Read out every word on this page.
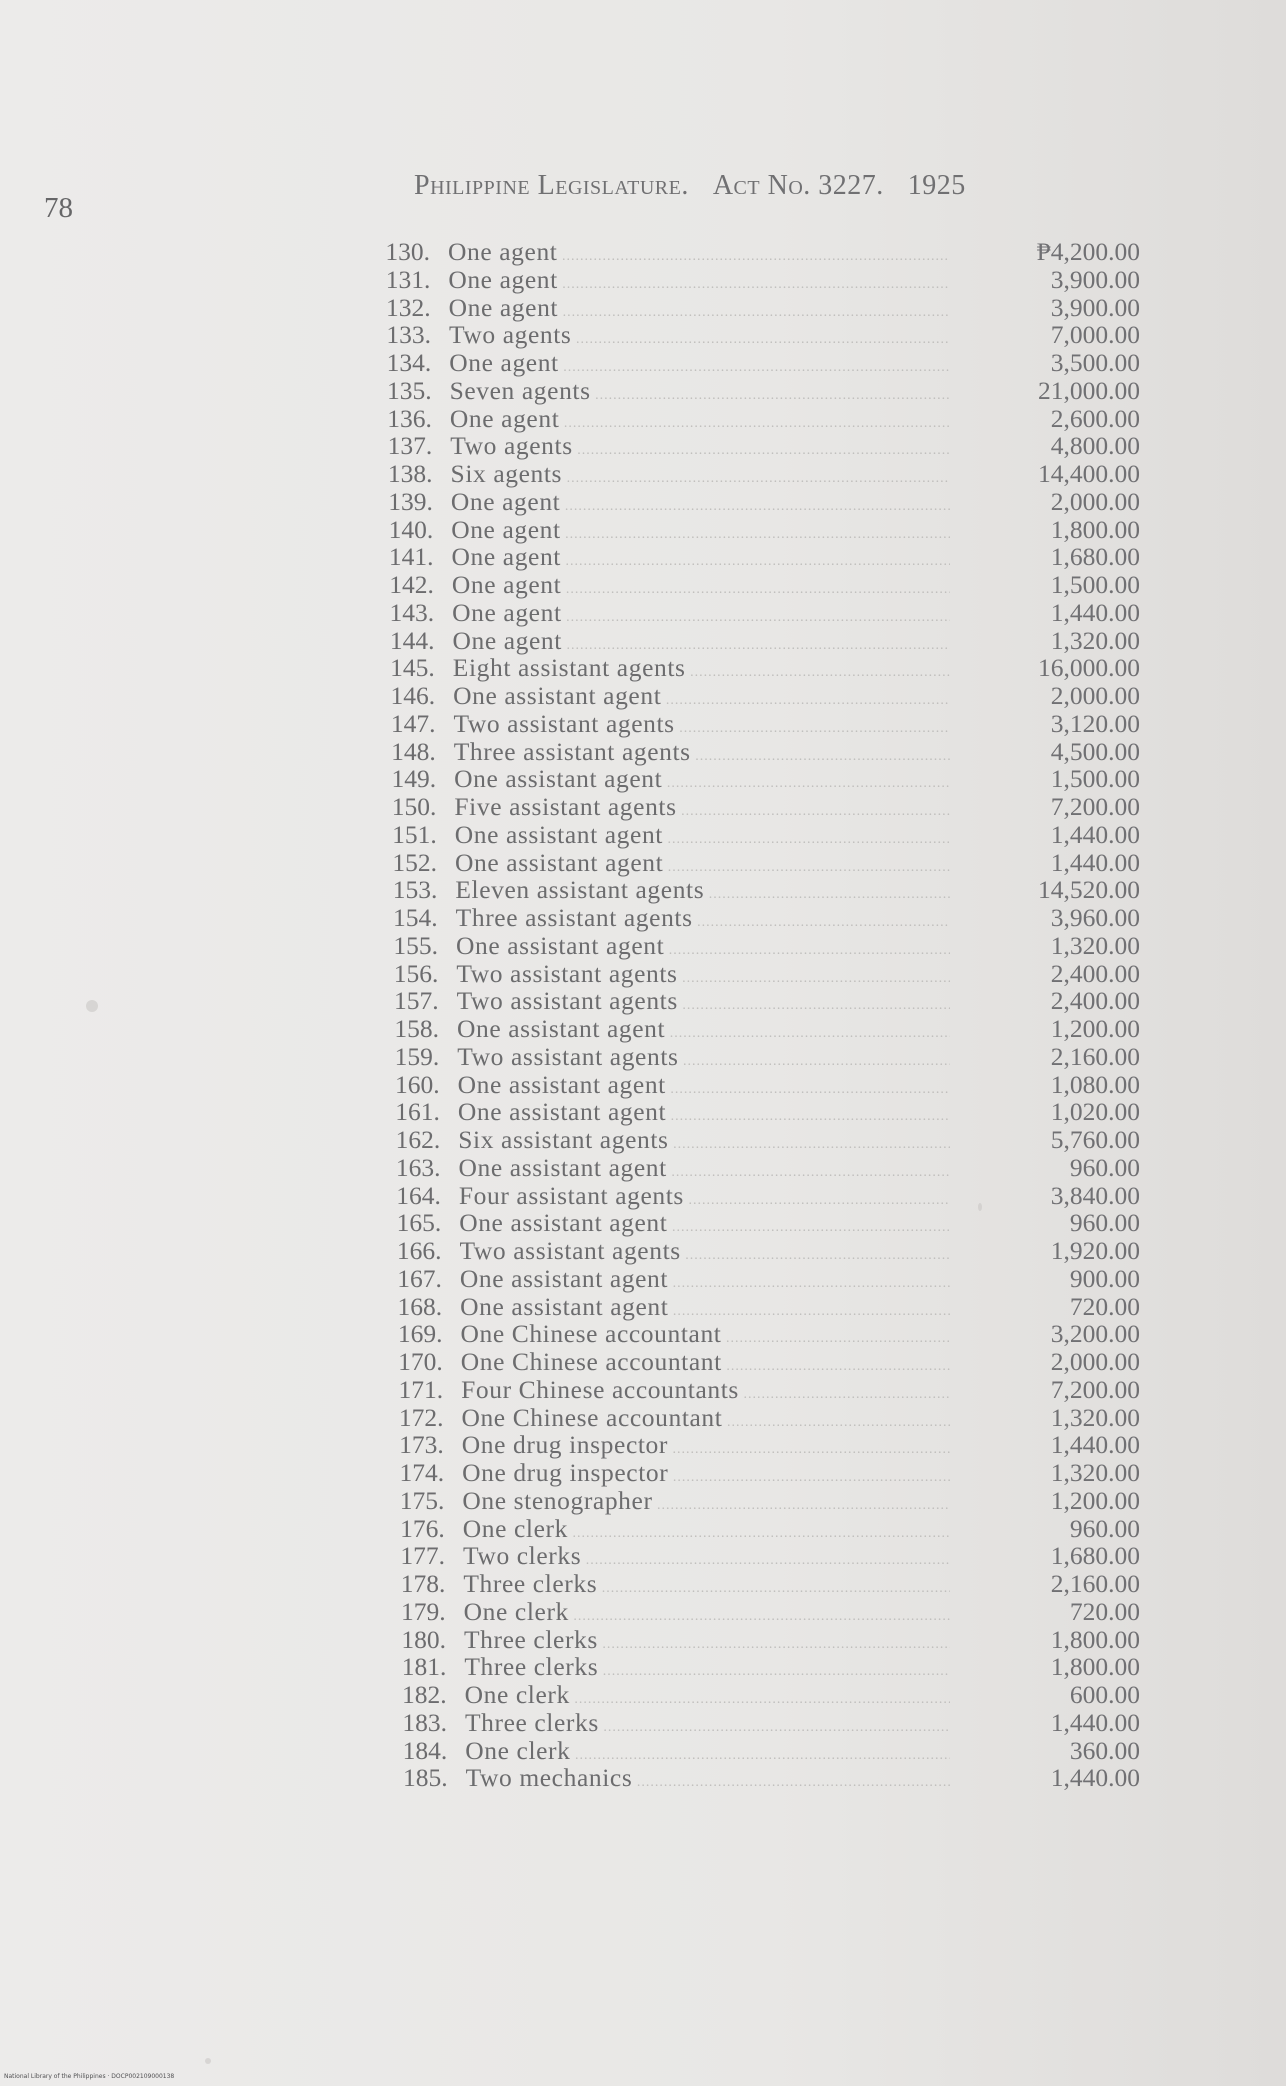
78
Philippine Legislature. Act No. 3227. 1925
130. One agent .....	₱4,200.00
131. One agent .....	3,900.00
132. One agent .....	3,900.00
133. Two agents .....	7,000.00
134. One agent .....	3,500.00
135. Seven agents .....	21,000.00
136. One agent .....	2,600.00
137. Two agents .....	4,800.00
138. Six agents .....	14,400.00
139. One agent .....	2,000.00
140. One agent .....	1,800.00
141. One agent .....	1,680.00
142. One agent .....	1,500.00
143. One agent .....	1,440.00
144. One agent .....	1,320.00
145. Eight assistant agents .....	16,000.00
146. One assistant agent .....	2,000.00
147. Two assistant agents .....	3,120.00
148. Three assistant agents .....	4,500.00
149. One assistant agent .....	1,500.00
150. Five assistant agents .....	7,200.00
151. One assistant agent .....	1,440.00
152. One assistant agent .....	1,440.00
153. Eleven assistant agents .....	14,520.00
154. Three assistant agents .....	3,960.00
155. One assistant agent .....	1,320.00
156. Two assistant agents .....	2,400.00
157. Two assistant agents .....	2,400.00
158. One assistant agent .....	1,200.00
159. Two assistant agents .....	2,160.00
160. One assistant agent .....	1,080.00
161. One assistant agent .....	1,020.00
162. Six assistant agents .....	5,760.00
163. One assistant agent .....	960.00
164. Four assistant agents .....	3,840.00
165. One assistant agent .....	960.00
166. Two assistant agents .....	1,920.00
167. One assistant agent .....	900.00
168. One assistant agent .....	720.00
169. One Chinese accountant .....	3,200.00
170. One Chinese accountant .....	2,000.00
171. Four Chinese accountants .....	7,200.00
172. One Chinese accountant .....	1,320.00
173. One drug inspector .....	1,440.00
174. One drug inspector .....	1,320.00
175. One stenographer .....	1,200.00
176. One clerk .....	960.00
177. Two clerks .....	1,680.00
178. Three clerks .....	2,160.00
179. One clerk .....	720.00
180. Three clerks .....	1,800.00
181. Three clerks .....	1,800.00
182. One clerk .....	600.00
183. Three clerks .....	1,440.00
184. One clerk .....	360.00
185. Two mechanics .....	1,440.00
National Library of the Philippines · DOCP002109000138
